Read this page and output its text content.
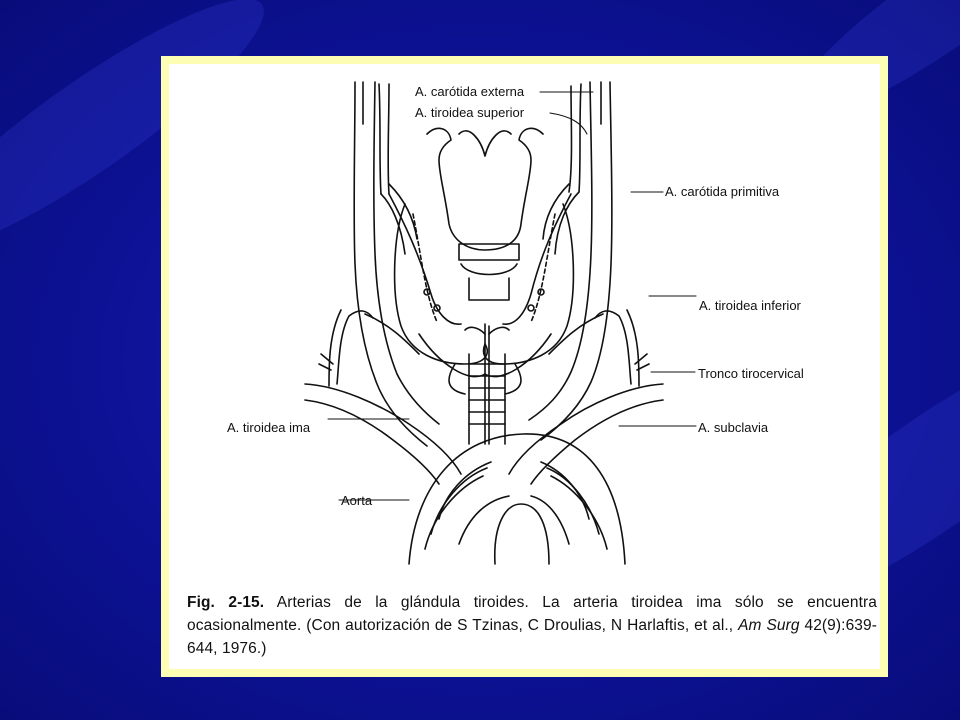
A. carótida externa
A. tiroidea superior
A. carótida primitiva
A. tiroidea inferior
Tronco tirocervical
A. tiroidea ima	A. subclavia
Aorta
Fig. 2-15. Arterias de la glándula tiroides. La arteria tiroidea ima sólo se encuentra ocasionalmente. (Con autorización de S Tzinas, C Droulias, N Harlaftis, et al., Am Surg 42(9):639-644, 1976.)
